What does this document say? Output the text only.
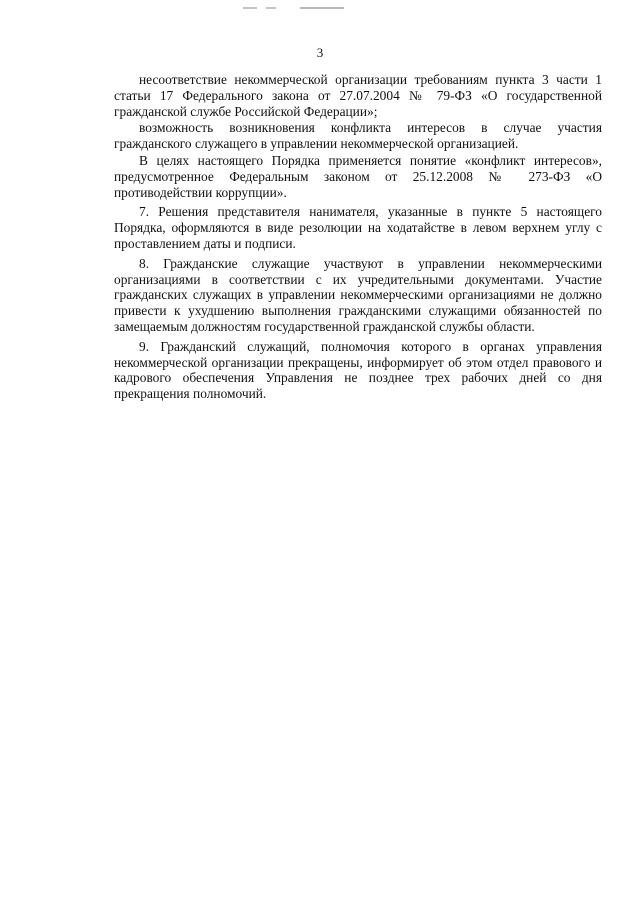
3

несоответствие некоммерческой организации требованиям пункта 3 части 1 статьи 17 Федерального закона от 27.07.2004 № 79-ФЗ «О государственной гражданской службе Российской Федерации»;

возможность возникновения конфликта интересов в случае участия гражданского служащего в управлении некоммерческой организацией.

В целях настоящего Порядка применяется понятие «конфликт интересов», предусмотренное Федеральным законом от 25.12.2008 № 273-ФЗ «О противодействии коррупции».

7. Решения представителя нанимателя, указанные в пункте 5 настоящего Порядка, оформляются в виде резолюции на ходатайстве в левом верхнем углу с проставлением даты и подписи.

8. Гражданские служащие участвуют в управлении некоммерческими организациями в соответствии с их учредительными документами. Участие гражданских служащих в управлении некоммерческими организациями не должно привести к ухудшению выполнения гражданскими служащими обязанностей по замещаемым должностям государственной гражданской службы области.

9. Гражданский служащий, полномочия которого в органах управления некоммерческой организации прекращены, информирует об этом отдел правового и кадрового обеспечения Управления не позднее трех рабочих дней со дня прекращения полномочий.
